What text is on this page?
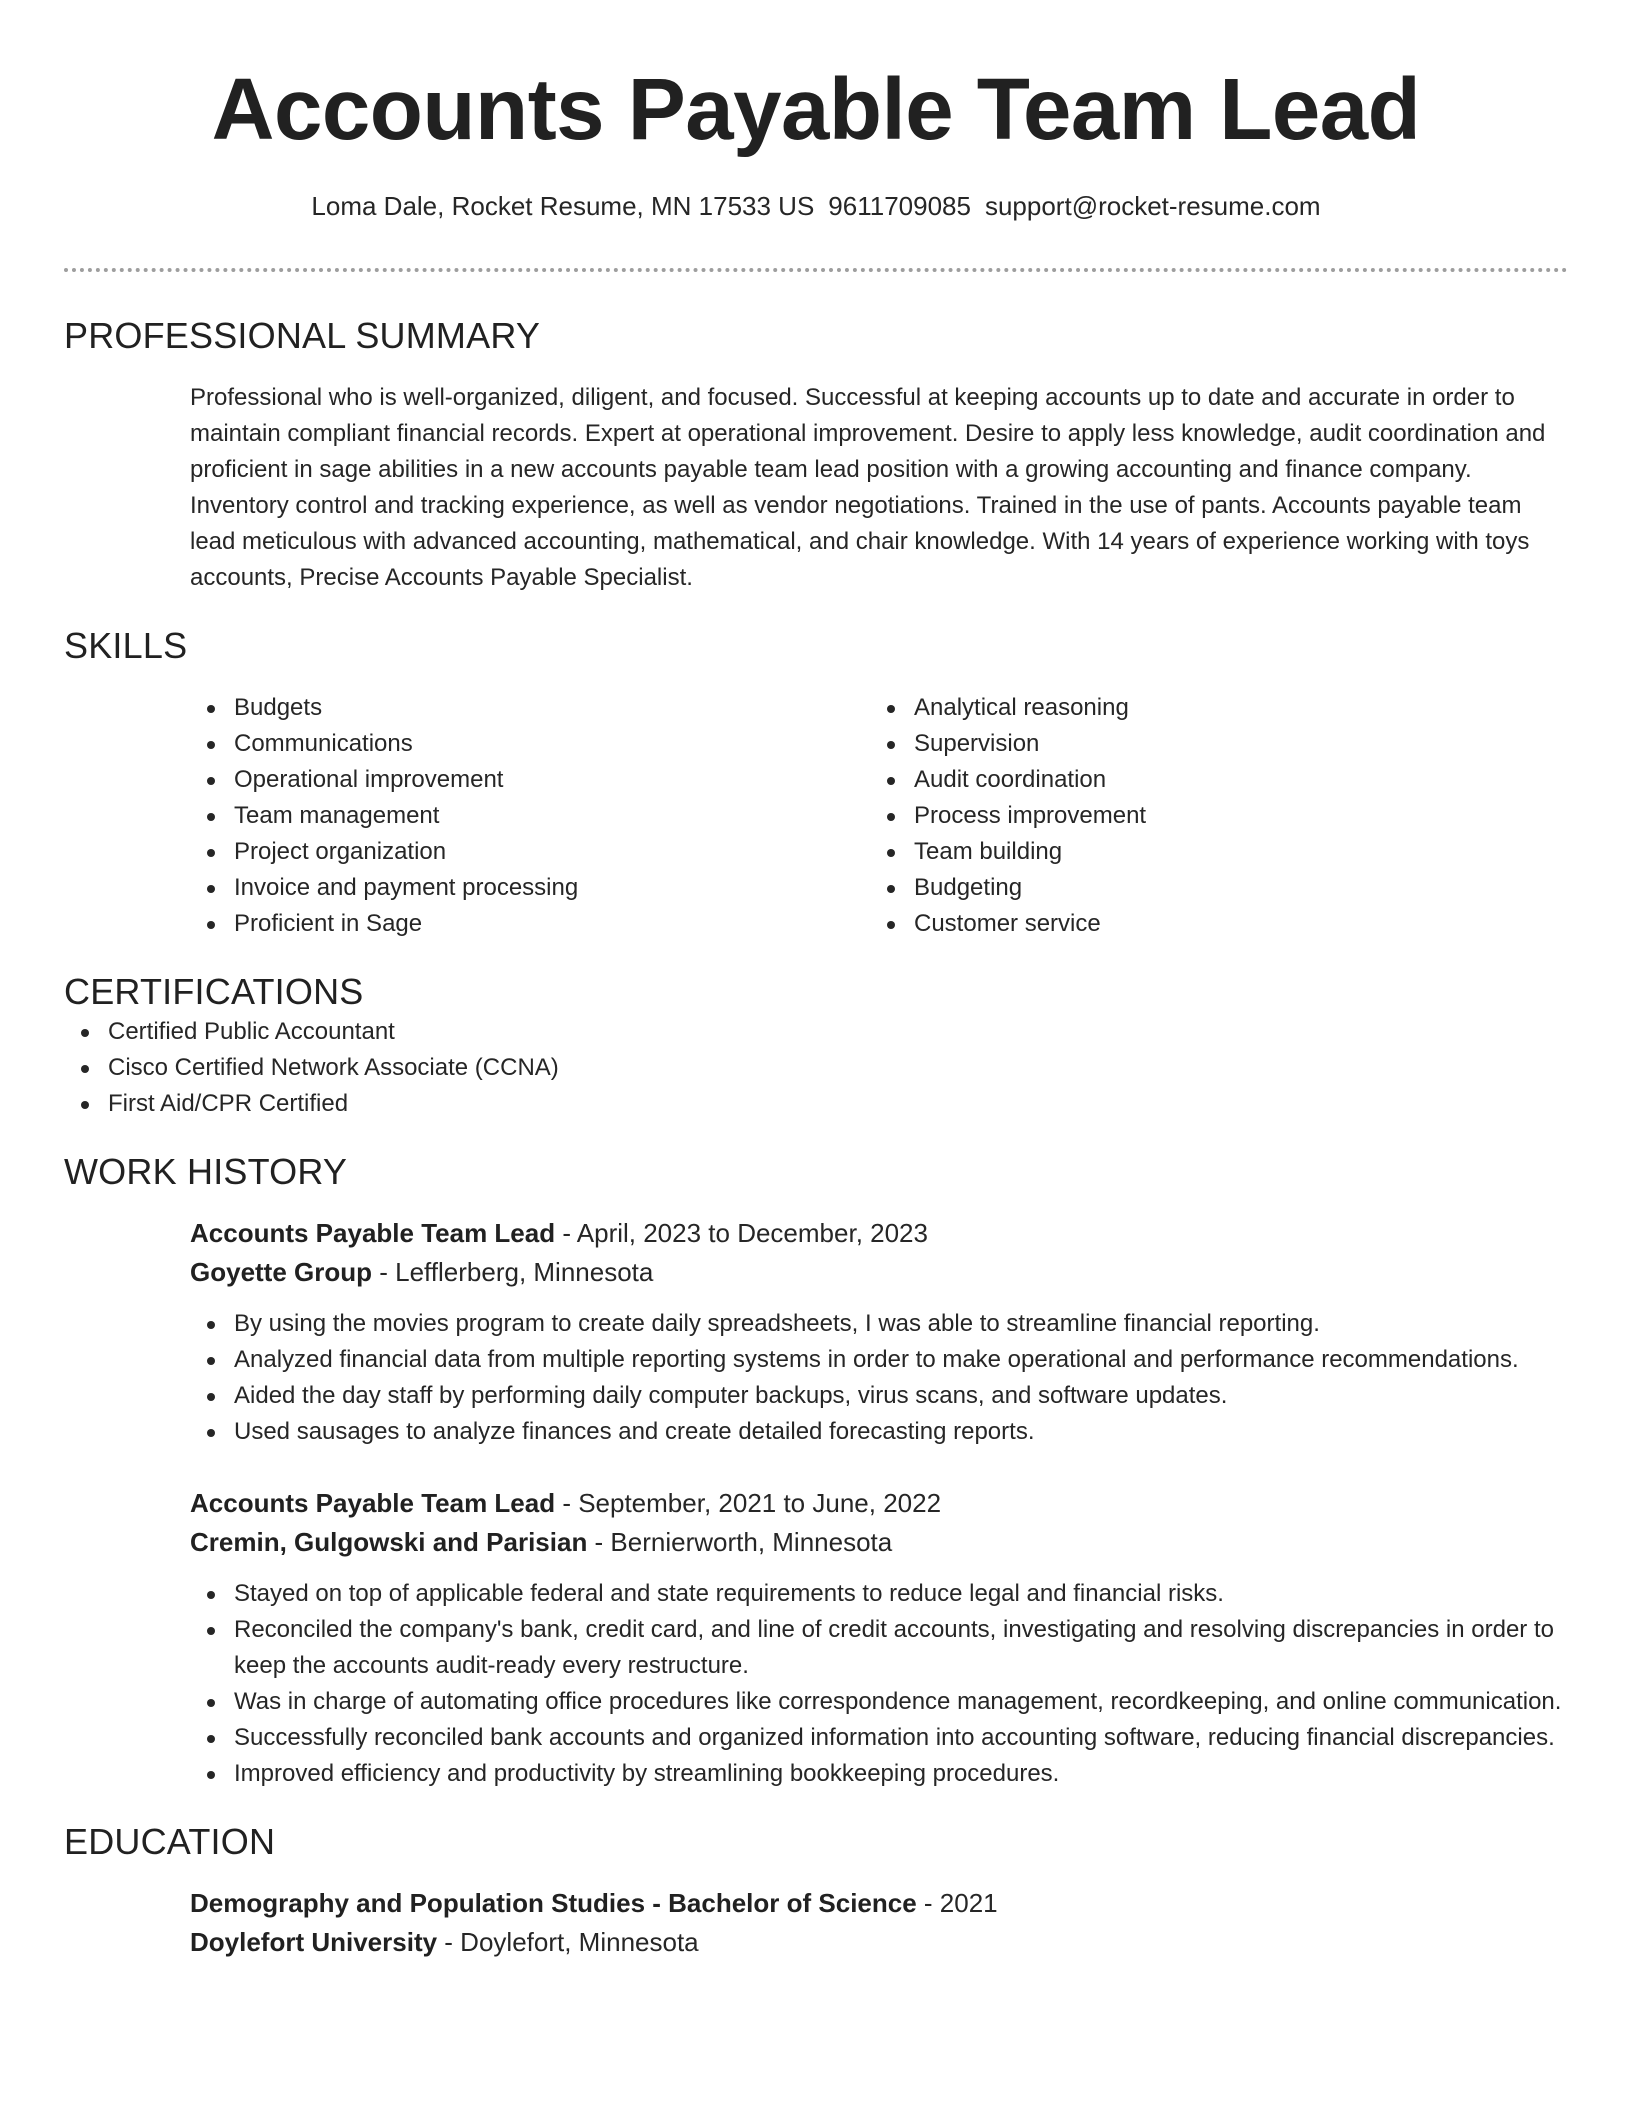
Accounts Payable Team Lead
Loma Dale, Rocket Resume, MN 17533 US 9611709085 support@rocket-resume.com
PROFESSIONAL SUMMARY

Professional who is well-organized, diligent, and focused. Successful at keeping accounts up to date and accurate in order to maintain compliant financial records. Expert at operational improvement. Desire to apply less knowledge, audit coordination and proficient in sage abilities in a new accounts payable team lead position with a growing accounting and finance company. Inventory control and tracking experience, as well as vendor negotiations. Trained in the use of pants. Accounts payable team lead meticulous with advanced accounting, mathematical, and chair knowledge. With 14 years of experience working with toys accounts, Precise Accounts Payable Specialist.

SKILLS
Budgets
Communications
Operational improvement
Team management
Project organization
Invoice and payment processing
Proficient in Sage
Analytical reasoning
Supervision
Audit coordination
Process improvement
Team building
Budgeting
Customer service
CERTIFICATIONS
Certified Public Accountant
Cisco Certified Network Associate (CCNA)
First Aid/CPR Certified
WORK HISTORY
Accounts Payable Team Lead - April, 2023 to December, 2023
Goyette Group - Lefflerberg, Minnesota
By using the movies program to create daily spreadsheets, I was able to streamline financial reporting.
Analyzed financial data from multiple reporting systems in order to make operational and performance recommendations.
Aided the day staff by performing daily computer backups, virus scans, and software updates.
Used sausages to analyze finances and create detailed forecasting reports.
Accounts Payable Team Lead - September, 2021 to June, 2022
Cremin, Gulgowski and Parisian - Bernierworth, Minnesota
Stayed on top of applicable federal and state requirements to reduce legal and financial risks.
Reconciled the company's bank, credit card, and line of credit accounts, investigating and resolving discrepancies in order to keep the accounts audit-ready every restructure.
Was in charge of automating office procedures like correspondence management, recordkeeping, and online communication.
Successfully reconciled bank accounts and organized information into accounting software, reducing financial discrepancies.
Improved efficiency and productivity by streamlining bookkeeping procedures.
EDUCATION
Demography and Population Studies - Bachelor of Science - 2021
Doylefort University - Doylefort, Minnesota
